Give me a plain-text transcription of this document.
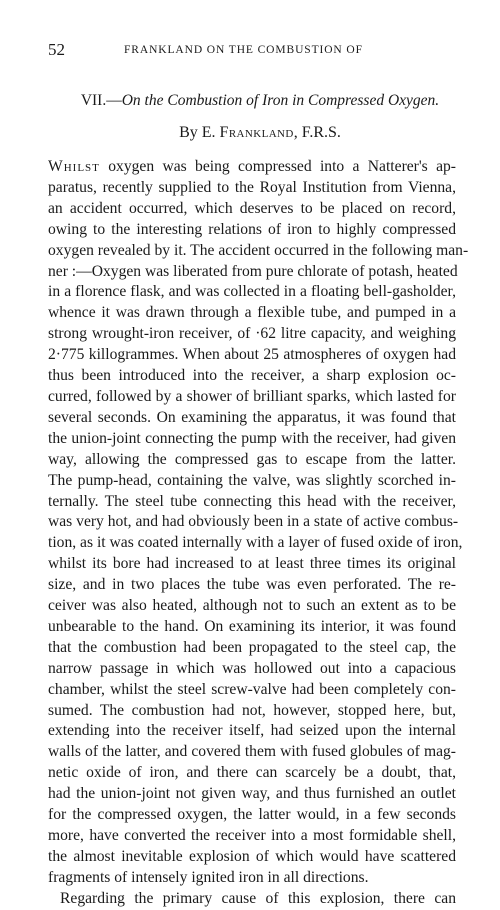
52	FRANKLAND ON THE COMBUSTION OF
VII.—On the Combustion of Iron in Compressed Oxygen.
By E. Frankland, F.R.S.
Whilst oxygen was being compressed into a Natterer's ap-
paratus, recently supplied to the Royal Institution from Vienna,
an accident occurred, which deserves to be placed on record,
owing to the interesting relations of iron to highly compressed
oxygen revealed by it. The accident occurred in the following man-
ner :—Oxygen was liberated from pure chlorate of potash, heated
in a florence flask, and was collected in a floating bell-gasholder,
whence it was drawn through a flexible tube, and pumped in a
strong wrought-iron receiver, of ·62 litre capacity, and weighing
2·775 killogrammes. When about 25 atmospheres of oxygen had
thus been introduced into the receiver, a sharp explosion oc-
curred, followed by a shower of brilliant sparks, which lasted for
several seconds. On examining the apparatus, it was found that
the union-joint connecting the pump with the receiver, had given
way, allowing the compressed gas to escape from the latter.
The pump-head, containing the valve, was slightly scorched in-
ternally. The steel tube connecting this head with the receiver,
was very hot, and had obviously been in a state of active combus-
tion, as it was coated internally with a layer of fused oxide of iron,
whilst its bore had increased to at least three times its original
size, and in two places the tube was even perforated. The re-
ceiver was also heated, although not to such an extent as to be
unbearable to the hand. On examining its interior, it was found
that the combustion had been propagated to the steel cap, the
narrow passage in which was hollowed out into a capacious
chamber, whilst the steel screw-valve had been completely con-
sumed. The combustion had not, however, stopped here, but,
extending into the receiver itself, had seized upon the internal
walls of the latter, and covered them with fused globules of mag-
netic oxide of iron, and there can scarcely be a doubt, that,
had the union-joint not given way, and thus furnished an outlet
for the compressed oxygen, the latter would, in a few seconds
more, have converted the receiver into a most formidable shell,
the almost inevitable explosion of which would have scattered
fragments of intensely ignited iron in all directions.
Regarding the primary cause of this explosion, there can
